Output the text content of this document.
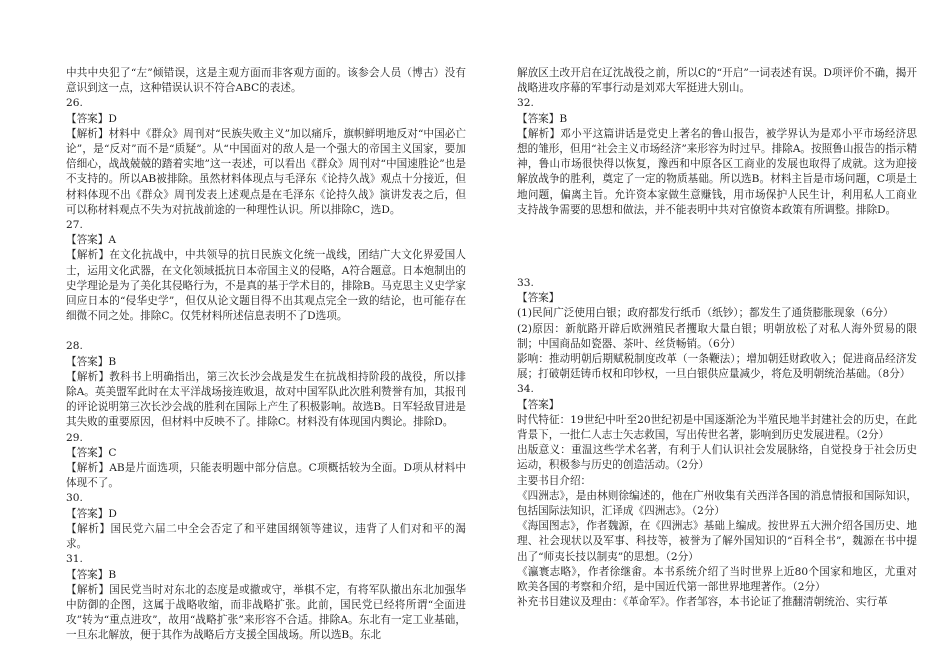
中共中央犯了“左”倾错误，这是主观方面而非客观方面的。该参会人员（博古）没有意识到这一点，这种错误认识不符合ABC的表述。

26.

【答案】D

【解析】材料中《群众》周刊对“民族失败主义”加以痛斥，旗帜鲜明地反对“中国必亡论”，是“反对”而不是“质疑”。从“中国面对的敌人是一个强大的帝国主义国家，要加倍细心，战战兢兢的踏着实地”这一表述，可以看出《群众》周刊对“中国速胜论”也是不支持的。所以AB被排除。虽然材料体现点与毛泽东《论持久战》观点十分接近，但材料体现不出《群众》周刊发表上述观点是在毛泽东《论持久战》演讲发表之后，但可以称材料观点不失为对抗战前途的一种理性认识。所以排除C，选D。

27.

【答案】A

【解析】在文化抗战中，中共领导的抗日民族文化统一战线，团结广大文化界爱国人士，运用文化武器，在文化领域抵抗日本帝国主义的侵略，A符合题意。日本炮制出的史学理论是为了美化其侵略行为，不是真的基于学术目的，排除B。马克思主义史学家回应日本的“侵华史学”，但仅从论文题目得不出其观点完全一致的结论，也可能存在细微不同之处。排除C。仅凭材料所述信息表明不了D选项。

28.

【答案】B

【解析】教科书上明确指出，第三次长沙会战是发生在抗战相持阶段的战役，所以排除A。英美盟军此时在太平洋战场接连败退，故对中国军队此次胜利赞誉有加，其报刊的评论说明第三次长沙会战的胜利在国际上产生了积极影响。故选B。日军轻敌冒进是其失败的重要原因，但材料中反映不了。排除C。材料没有体现国内舆论。排除D。

29.

【答案】C

【解析】AB是片面选项，只能表明题中部分信息。C项概括较为全面。D项从材料中体现不了。

30.

【答案】D

【解析】国民党六届二中全会否定了和平建国纲领等建议，违背了人们对和平的渴求。

31.

【答案】B

【解析】国民党当时对东北的态度是或撤或守，举棋不定，有将军队撤出东北加强华中防御的企图，这属于战略收缩，而非战略扩张。此前，国民党已经将所谓“全面进攻”转为“重点进攻”，故用“战略扩张”来形容不合适。排除A。东北有一定工业基础，一旦东北解放，便于其作为战略后方支援全国战场。所以选B。东北

解放区土改开启在辽沈战役之前，所以C的“开启”一词表述有误。D项评价不确，揭开战略进攻序幕的军事行动是刘邓大军挺进大别山。

32.

【答案】B

【解析】邓小平这篇讲话是党史上著名的鲁山报告，被学界认为是邓小平市场经济思想的雏形，但用“社会主义市场经济”来形容为时过早。排除A。按照鲁山报告的指示精神，鲁山市场很快得以恢复，豫西和中原各区工商业的发展也取得了成就。这为迎接解放战争的胜利，奠定了一定的物质基础。所以选B。材料主旨是市场问题，C项是土地问题，偏离主旨。允许资本家做生意赚钱，用市场保护人民生计，利用私人工商业支持战争需要的思想和做法，并不能表明中共对官僚资本政策有所调整。排除D。

33.

【答案】

(1)民间广泛使用白银；政府都发行纸币（纸钞）；都发生了通货膨胀现象（6分）

(2)原因：新航路开辟后欧洲殖民者攫取大量白银；明朝放松了对私人海外贸易的限制；中国商品如瓷器、茶叶、丝货畅销。（6分）

影响：推动明朝后期赋税制度改革（一条鞭法）；增加朝廷财政收入；促进商品经济发展；打破朝廷铸币权和印钞权，一旦白银供应量减少，将危及明朝统治基础。（8分）

34.

【答案】

时代特征：19世纪中叶至20世纪初是中国逐渐沦为半殖民地半封建社会的历史，在此背景下，一批仁人志士矢志救国，写出传世名著，影响到历史发展进程。（2分）

出版意义：重温这些学术名著，有利于人们认识社会发展脉络，自觉投身于社会历史运动，积极参与历史的创造活动。（2分）

主要书目介绍：

《四洲志》，是由林则徐编述的，他在广州收集有关西洋各国的消息情报和国际知识，包括国际法知识，汇译成《四洲志》。（2分）

《海国图志》，作者魏源，在《四洲志》基础上编成。按世界五大洲介绍各国历史、地理、社会现状以及军事、科技等，被誉为了解外国知识的“百科全书”，魏源在书中提出了“师夷长技以制夷”的思想。（2分）

《瀛寰志略》，作者徐继畬。本书系统介绍了当时世界上近80个国家和地区，尤重对欧美各国的考察和介绍，是中国近代第一部世界地理著作。（2分）

补充书目建议及理由：《革命军》。作者邹容，本书论证了推翻清朝统治、实行革
